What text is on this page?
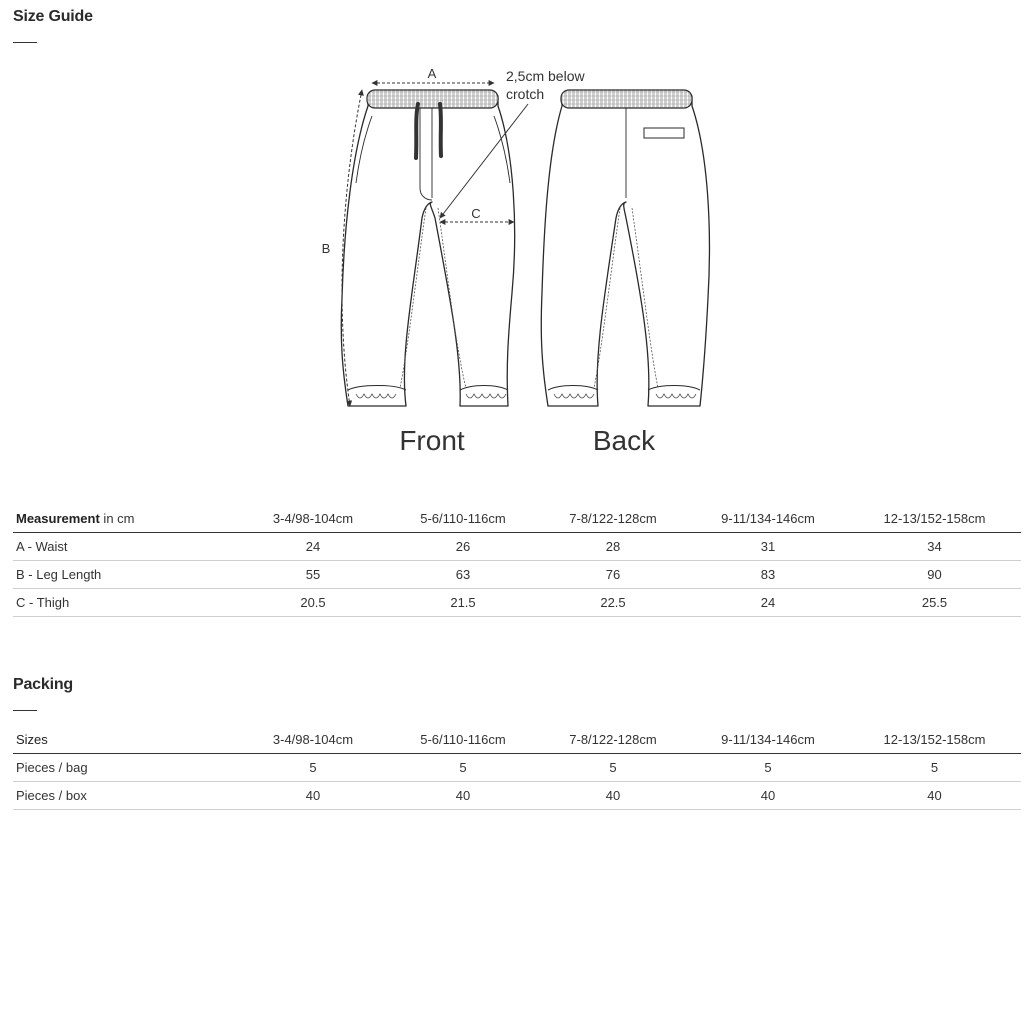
Size Guide
A
B
C
2,5cm below
crotch
Front	Back
Measurement in cm	3-4/98-104cm	5-6/110-116cm	7-8/122-128cm	9-11/134-146cm	12-13/152-158cm
A - Waist	24	26	28	31	34
B - Leg Length	55	63	76	83	90
C - Thigh	20.5	21.5	22.5	24	25.5
Packing
Sizes	3-4/98-104cm	5-6/110-116cm	7-8/122-128cm	9-11/134-146cm	12-13/152-158cm
Pieces / bag	5	5	5	5	5
Pieces / box	40	40	40	40	40
